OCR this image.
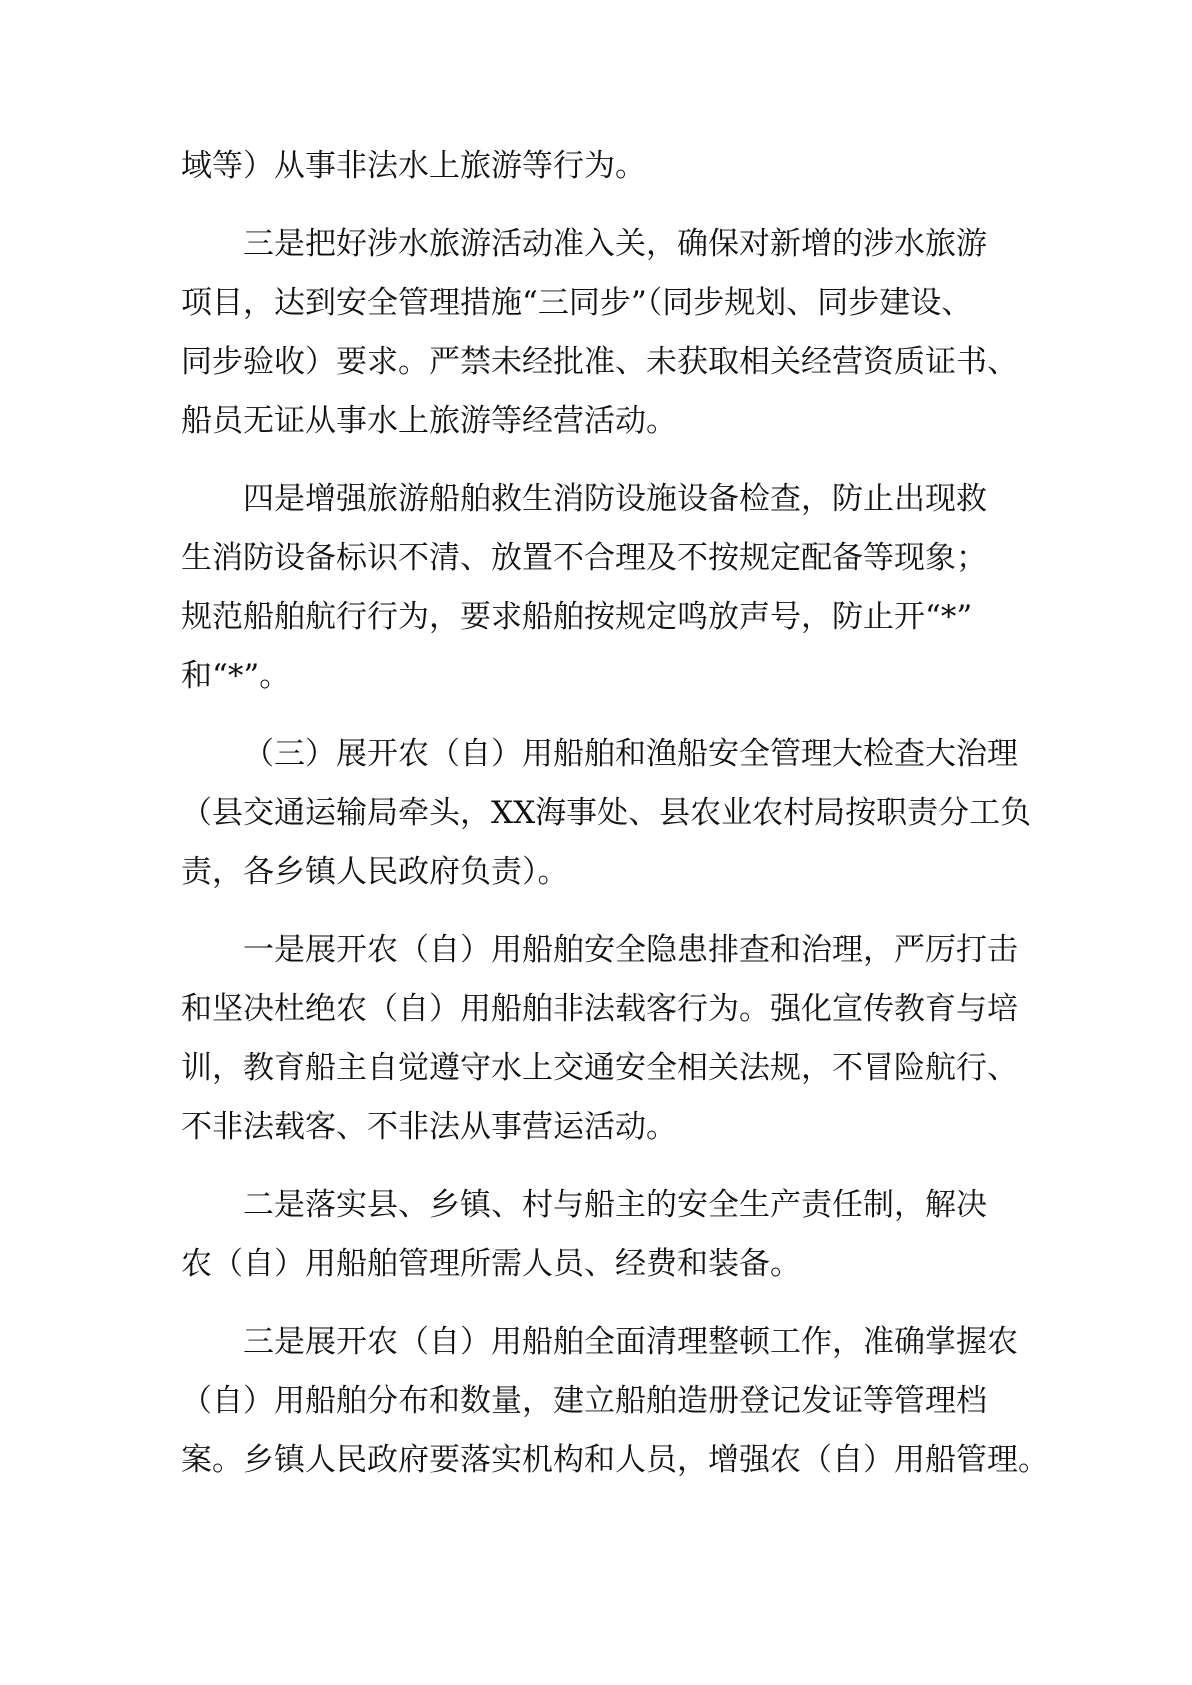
域等）从事非法水上旅游等行为。
三是把好涉水旅游活动准入关，确保对新增的涉水旅游
项目，达到安全管理措施“三同步”（同步规划、同步建设、
同步验收）要求。严禁未经批准、未获取相关经营资质证书、
船员无证从事水上旅游等经营活动。
四是增强旅游船舶救生消防设施设备检查，防止出现救
生消防设备标识不清、放置不合理及不按规定配备等现象；
规范船舶航行行为，要求船舶按规定鸣放声号，防止开“*”
和“*”。
（三）展开农（自）用船舶和渔船安全管理大检查大治理
（县交通运输局牵头，XX海事处、县农业农村局按职责分工负
责，各乡镇人民政府负责）。
一是展开农（自）用船舶安全隐患排查和治理，严厉打击
和坚决杜绝农（自）用船舶非法载客行为。强化宣传教育与培
训，教育船主自觉遵守水上交通安全相关法规，不冒险航行、
不非法载客、不非法从事营运活动。
二是落实县、乡镇、村与船主的安全生产责任制，解决
农（自）用船舶管理所需人员、经费和装备。
三是展开农（自）用船舶全面清理整顿工作，准确掌握农
（自）用船舶分布和数量，建立船舶造册登记发证等管理档
案。乡镇人民政府要落实机构和人员，增强农（自）用船管理。
